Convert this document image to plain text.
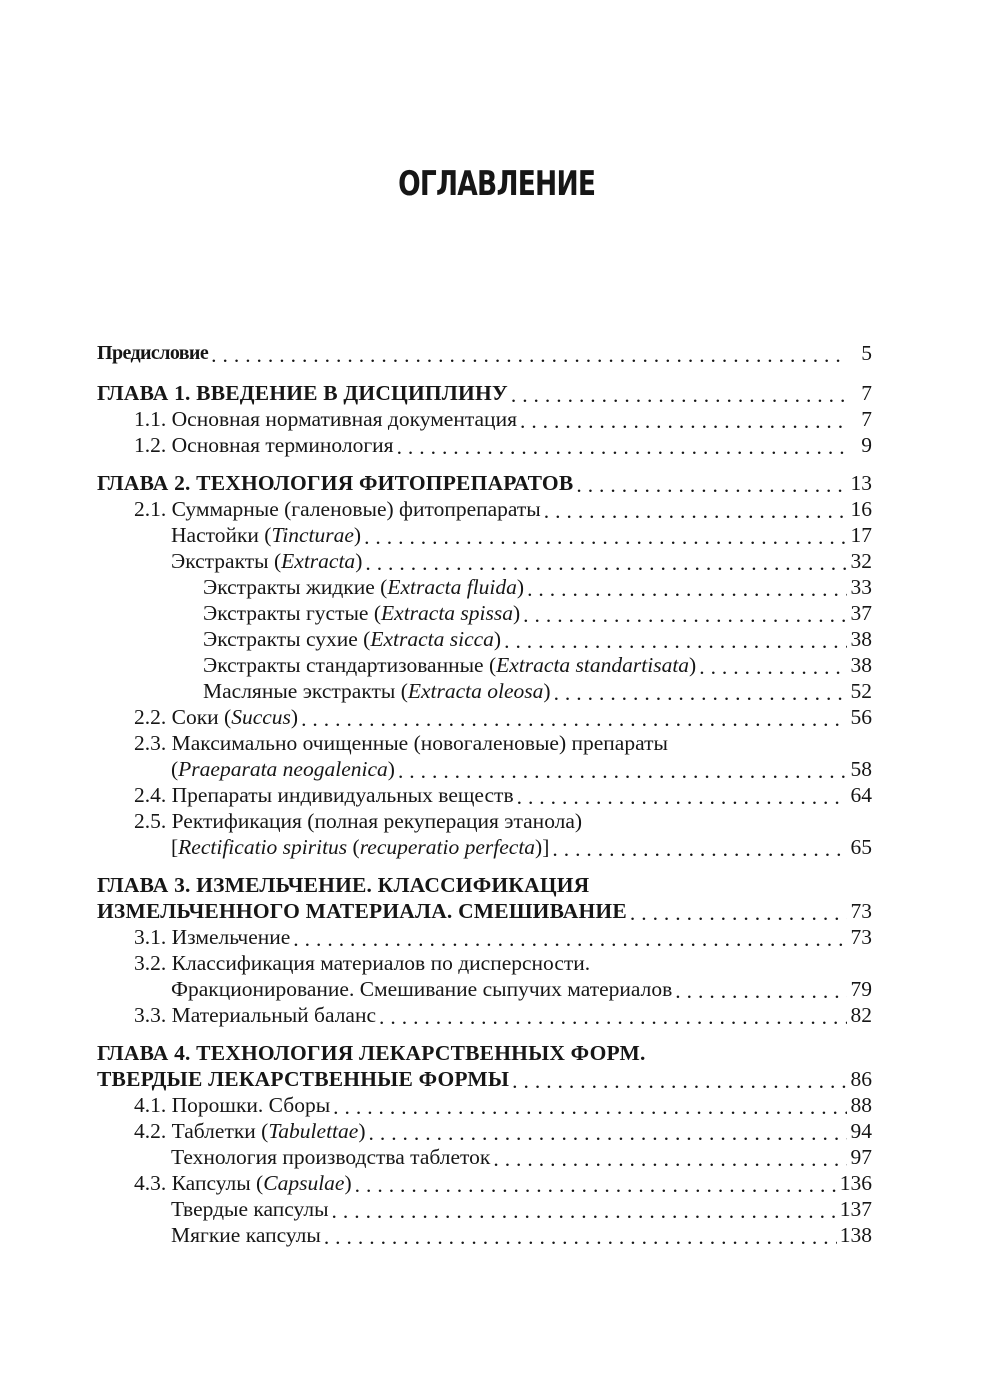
ОГЛАВЛЕНИЕ
Предисловие . . .	5
ГЛАВА 1. ВВЕДЕНИЕ В ДИСЦИПЛИНУ . . .	7
1.1. Основная нормативная документация . . .	7
1.2. Основная терминология . . .	9
ГЛАВА 2. ТЕХНОЛОГИЯ ФИТОПРЕПАРАТОВ . . .	13
2.1. Суммарные (галеновые) фитопрепараты . . .	16
Настойки (Tincturae) . . .	17
Экстракты (Extracta) . . .	32
Экстракты жидкие (Extracta fluida) . . .	33
Экстракты густые (Extracta spissa) . . .	37
Экстракты сухие (Extracta sicca) . . .	38
Экстракты стандартизованные (Extracta standartisata) . . .	38
Масляные экстракты (Extracta oleosa) . . .	52
2.2. Соки (Succus) . . .	56
2.3. Максимально очищенные (новогаленовые) препараты
(Praeparata neogalenica) . . .	58
2.4. Препараты индивидуальных веществ . . .	64
2.5. Ректификация (полная рекуперация этанола)
[Rectificatio spiritus (recuperatio perfecta)] . . .	65
ГЛАВА 3. ИЗМЕЛЬЧЕНИЕ. КЛАССИФИКАЦИЯ
ИЗМЕЛЬЧЕННОГО МАТЕРИАЛА. СМЕШИВАНИЕ . . .	73
3.1. Измельчение . . .	73
3.2. Классификация материалов по дисперсности.
Фракционирование. Смешивание сыпучих материалов . . .	79
3.3. Материальный баланс . . .	82
ГЛАВА 4. ТЕХНОЛОГИЯ ЛЕКАРСТВЕННЫХ ФОРМ.
ТВЕРДЫЕ ЛЕКАРСТВЕННЫЕ ФОРМЫ . . .	86
4.1. Порошки. Сборы . . .	88
4.2. Таблетки (Tabulettae) . . .	94
Технология производства таблеток . . .	97
4.3. Капсулы (Capsulae) . . .	136
Твердые капсулы . . .	137
Мягкие капсулы . . .	138
